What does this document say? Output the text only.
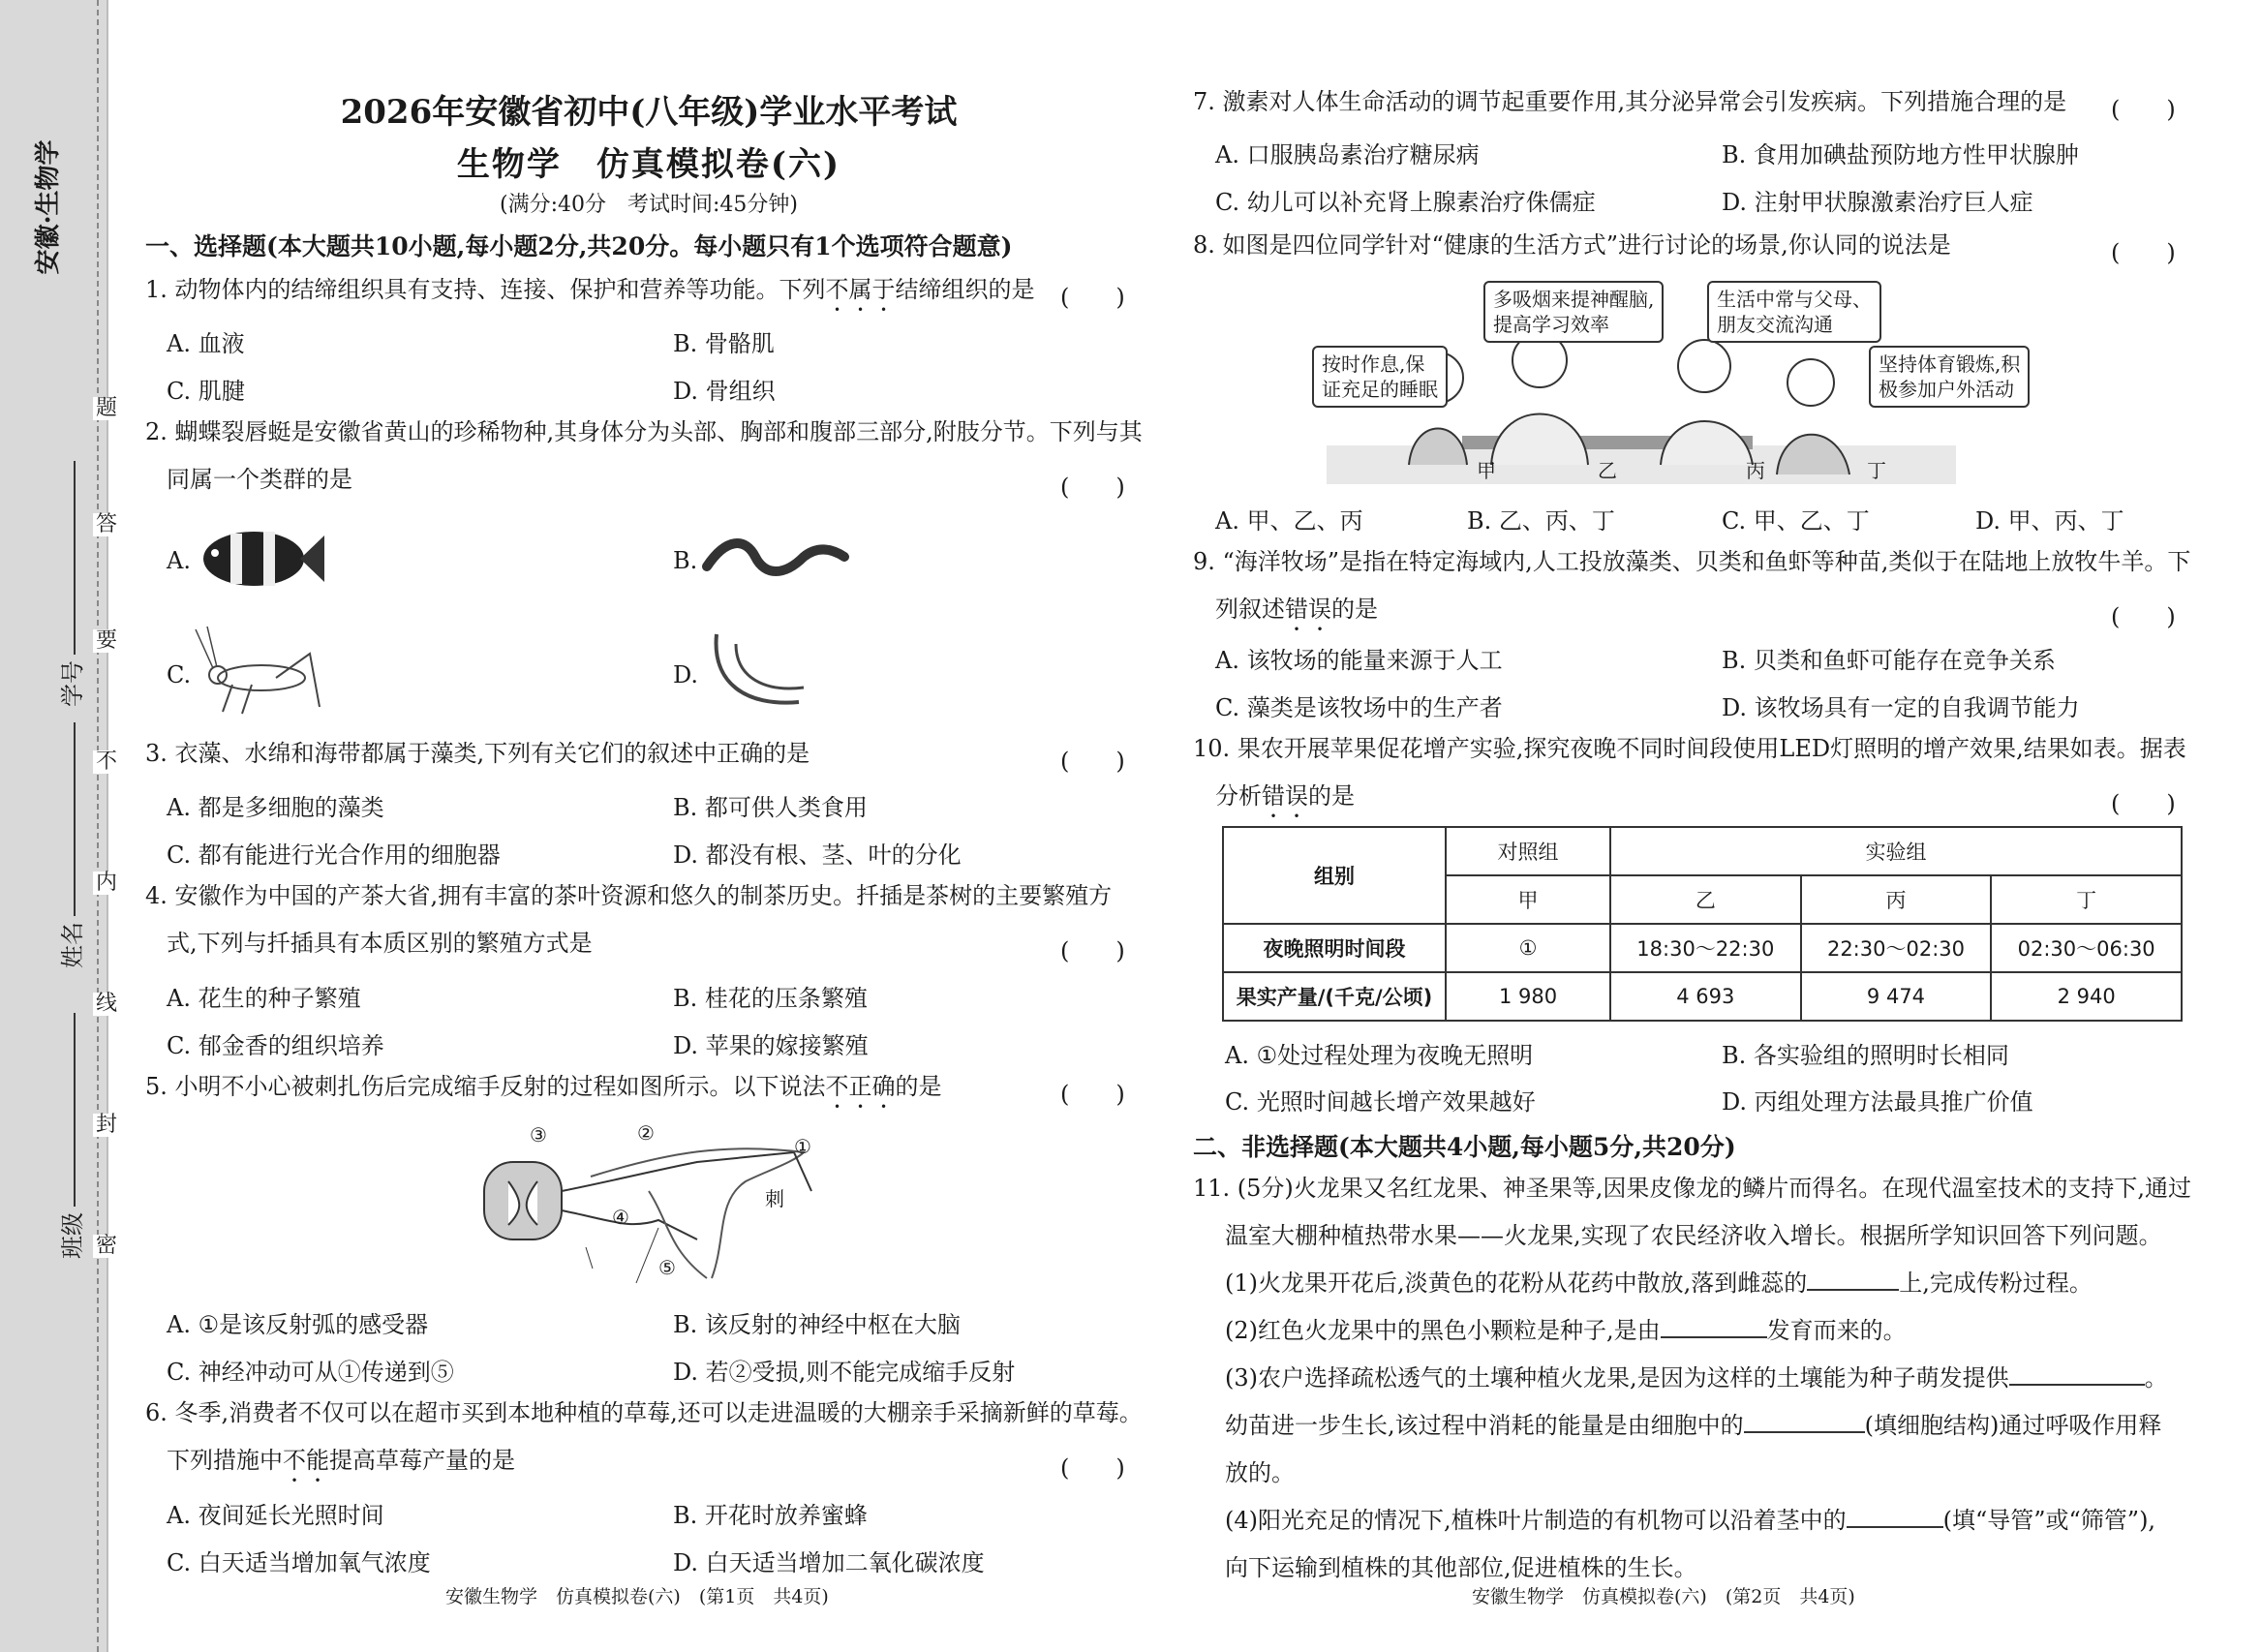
安徽·生物学
学号
姓名
班级
题
答
要
不
内
线
封
密
2026年安徽省初中(八年级)学业水平考试
生物学　仿真模拟卷(六)
(满分:40分　考试时间:45分钟)
一、选择题(本大题共10小题,每小题2分,共20分。每小题只有1个选项符合题意)
1. 动物体内的结缔组织具有支持、连接、保护和营养等功能。下列不属于结缔组织的是 (　　)
A. 血液	B. 骨骼肌
C. 肌腱	D. 骨组织
2. 蝴蝶裂唇蜓是安徽省黄山的珍稀物种,其身体分为头部、胸部和腹部三部分,附肢分节。下列与其
同属一个类群的是	(　　)
A.	B.
C.	D.
3. 衣藻、水绵和海带都属于藻类,下列有关它们的叙述中正确的是	(　　)
A. 都是多细胞的藻类	B. 都可供人类食用
C. 都有能进行光合作用的细胞器	D. 都没有根、茎、叶的分化
4. 安徽作为中国的产茶大省,拥有丰富的茶叶资源和悠久的制茶历史。扦插是茶树的主要繁殖方
式,下列与扦插具有本质区别的繁殖方式是	(　　)
A. 花生的种子繁殖	B. 桂花的压条繁殖
C. 郁金香的组织培养	D. 苹果的嫁接繁殖
5. 小明不小心被刺扎伤后完成缩手反射的过程如图所示。以下说法不正确的是	(　　)
③	②
①
刺
④
⑤
A. ①是该反射弧的感受器	B. 该反射的神经中枢在大脑
C. 神经冲动可从①传递到⑤	D. 若②受损,则不能完成缩手反射
6. 冬季,消费者不仅可以在超市买到本地种植的草莓,还可以走进温暖的大棚亲手采摘新鲜的草莓。
下列措施中不能提高草莓产量的是	(　　)
A. 夜间延长光照时间	B. 开花时放养蜜蜂
C. 白天适当增加氧气浓度	D. 白天适当增加二氧化碳浓度
安徽生物学　仿真模拟卷(六)　(第1页　共4页)
7. 激素对人体生命活动的调节起重要作用,其分泌异常会引发疾病。下列措施合理的是 (　　)
A. 口服胰岛素治疗糖尿病	B. 食用加碘盐预防地方性甲状腺肿
C. 幼儿可以补充肾上腺素治疗侏儒症	D. 注射甲状腺激素治疗巨人症
8. 如图是四位同学针对“健康的生活方式”进行讨论的场景,你认同的说法是	(　　)
多吸烟来提神醒脑,
提高学习效率
生活中常与父母、
朋友交流沟通
按时作息,保
证充足的睡眠
坚持体育锻炼,积
极参加户外活动
甲	乙	丙	丁
A. 甲、乙、丙	B. 乙、丙、丁	C. 甲、乙、丁	D. 甲、丙、丁
9. “海洋牧场”是指在特定海域内,人工投放藻类、贝类和鱼虾等种苗,类似于在陆地上放牧牛羊。下
列叙述错误的是	(　　)
A. 该牧场的能量来源于人工	B. 贝类和鱼虾可能存在竞争关系
C. 藻类是该牧场中的生产者	D. 该牧场具有一定的自我调节能力
10. 果农开展苹果促花增产实验,探究夜晚不同时间段使用LED灯照明的增产效果,结果如表。据表
分析错误的是	(　　)
组别	对照组	实验组		
	甲	乙	丙	丁
夜晚照明时间段	①	18:30～22:30	22:30～02:30	02:30～06:30
果实产量/(千克/公顷)	1 980	4 693	9 474	2 940
A. ①处过程处理为夜晚无照明	B. 各实验组的照明时长相同
C. 光照时间越长增产效果越好	D. 丙组处理方法最具推广价值
二、非选择题(本大题共4小题,每小题5分,共20分)
11. (5分)火龙果又名红龙果、神圣果等,因果皮像龙的鳞片而得名。在现代温室技术的支持下,通过
温室大棚种植热带水果——火龙果,实现了农民经济收入增长。根据所学知识回答下列问题。
(1)火龙果开花后,淡黄色的花粉从花药中散放,落到雌蕊的	上,完成传粉过程。
(2)红色火龙果中的黑色小颗粒是种子,是由	发育而来的。
(3)农户选择疏松透气的土壤种植火龙果,是因为这样的土壤能为种子萌发提供	。
幼苗进一步生长,该过程中消耗的能量是由细胞中的	(填细胞结构)通过呼吸作用释
放的。
(4)阳光充足的情况下,植株叶片制造的有机物可以沿着茎中的	(填“导管”或“筛管”),
向下运输到植株的其他部位,促进植株的生长。
安徽生物学　仿真模拟卷(六)　(第2页　共4页)
